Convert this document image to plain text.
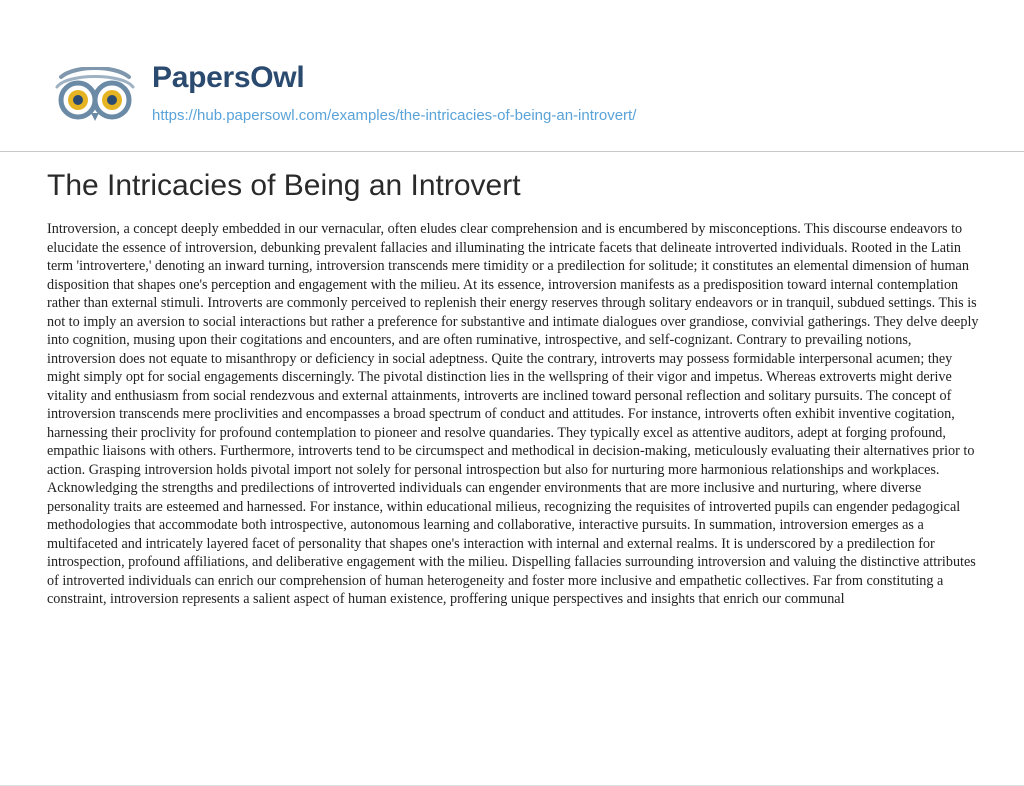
PapersOwl
https://hub.papersowl.com/examples/the-intricacies-of-being-an-introvert/
The Intricacies of Being an Introvert

Introversion, a concept deeply embedded in our vernacular, often eludes clear comprehension and is encumbered by misconceptions. This discourse endeavors to elucidate the essence of introversion, debunking prevalent fallacies and illuminating the intricate facets that delineate introverted individuals. Rooted in the Latin term 'introvertere,' denoting an inward turning, introversion transcends mere timidity or a predilection for solitude; it constitutes an elemental dimension of human disposition that shapes one's perception and engagement with the milieu. At its essence, introversion manifests as a predisposition toward internal contemplation rather than external stimuli. Introverts are commonly perceived to replenish their energy reserves through solitary endeavors or in tranquil, subdued settings. This is not to imply an aversion to social interactions but rather a preference for substantive and intimate dialogues over grandiose, convivial gatherings. They delve deeply into cognition, musing upon their cogitations and encounters, and are often ruminative, introspective, and self-cognizant. Contrary to prevailing notions, introversion does not equate to misanthropy or deficiency in social adeptness. Quite the contrary, introverts may possess formidable interpersonal acumen; they might simply opt for social engagements discerningly. The pivotal distinction lies in the wellspring of their vigor and impetus. Whereas extroverts might derive vitality and enthusiasm from social rendezvous and external attainments, introverts are inclined toward personal reflection and solitary pursuits. The concept of introversion transcends mere proclivities and encompasses a broad spectrum of conduct and attitudes. For instance, introverts often exhibit inventive cogitation, harnessing their proclivity for profound contemplation to pioneer and resolve quandaries. They typically excel as attentive auditors, adept at forging profound, empathic liaisons with others. Furthermore, introverts tend to be circumspect and methodical in decision-making, meticulously evaluating their alternatives prior to action. Grasping introversion holds pivotal import not solely for personal introspection but also for nurturing more harmonious relationships and workplaces. Acknowledging the strengths and predilections of introverted individuals can engender environments that are more inclusive and nurturing, where diverse personality traits are esteemed and harnessed. For instance, within educational milieus, recognizing the requisites of introverted pupils can engender pedagogical methodologies that accommodate both introspective, autonomous learning and collaborative, interactive pursuits. In summation, introversion emerges as a multifaceted and intricately layered facet of personality that shapes one's interaction with internal and external realms. It is underscored by a predilection for introspection, profound affiliations, and deliberative engagement with the milieu. Dispelling fallacies surrounding introversion and valuing the distinctive attributes of introverted individuals can enrich our comprehension of human heterogeneity and foster more inclusive and empathetic collectives. Far from constituting a constraint, introversion represents a salient aspect of human existence, proffering unique perspectives and insights that enrich our communal
